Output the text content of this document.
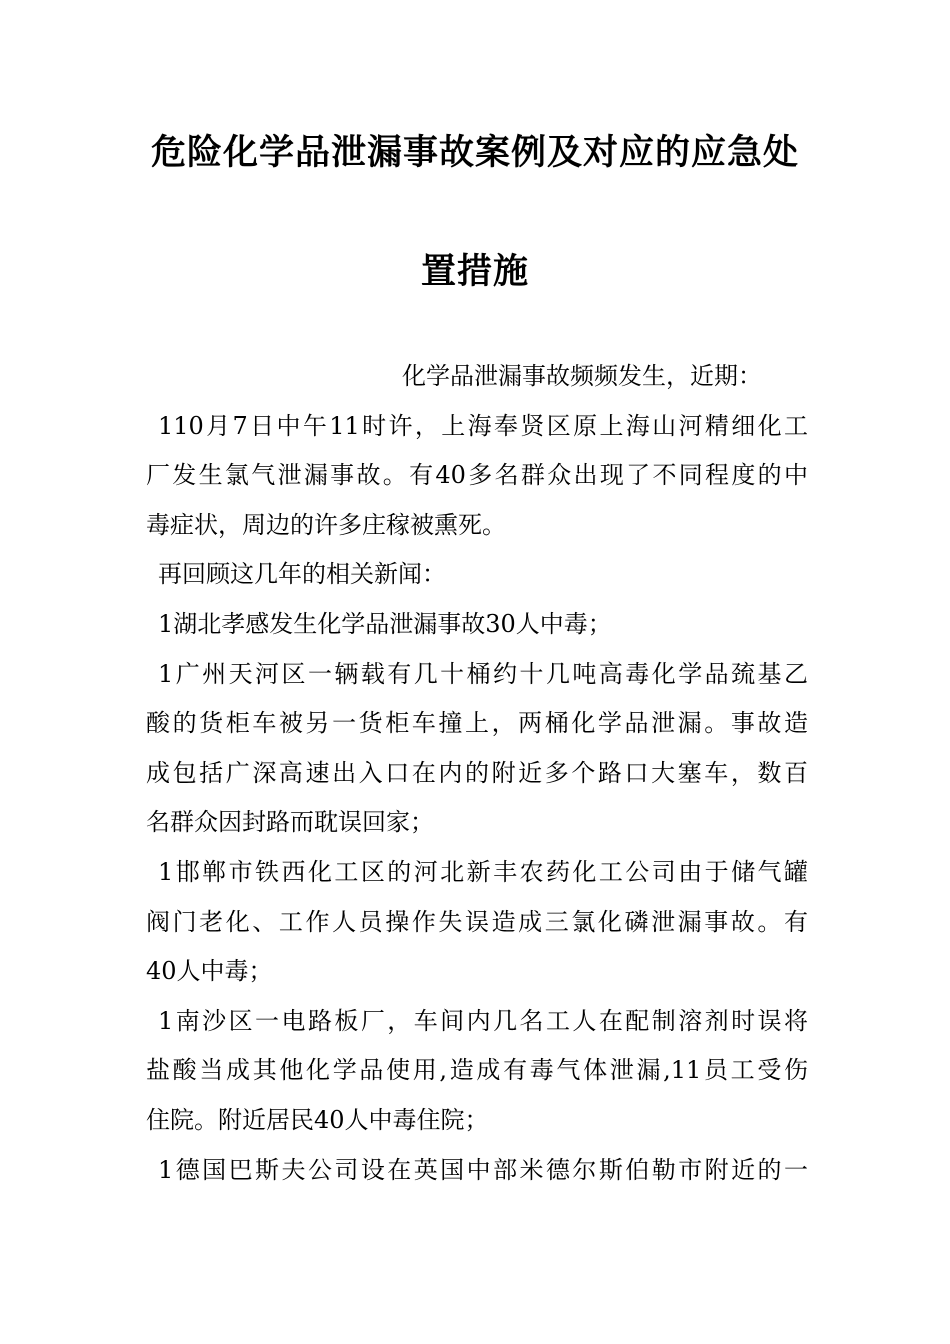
危险化学品泄漏事故案例及对应的应急处
置措施
化学品泄漏事故频频发生，近期：
110月7日中午11时许，上海奉贤区原上海山河精细化工
厂发生氯气泄漏事故。有40多名群众出现了不同程度的中
毒症状，周边的许多庄稼被熏死。
再回顾这几年的相关新闻：
1湖北孝感发生化学品泄漏事故30人中毒；
1广州天河区一辆载有几十桶约十几吨高毒化学品巯基乙
酸的货柜车被另一货柜车撞上，两桶化学品泄漏。事故造
成包括广深高速出入口在内的附近多个路口大塞车，数百
名群众因封路而耽误回家；
1邯郸市铁西化工区的河北新丰农药化工公司由于储气罐
阀门老化、工作人员操作失误造成三氯化磷泄漏事故。有
40人中毒；
1南沙区一电路板厂，车间内几名工人在配制溶剂时误将
盐酸当成其他化学品使用,造成有毒气体泄漏,11员工受伤
住院。附近居民40人中毒住院；
1德国巴斯夫公司设在英国中部米德尔斯伯勒市附近的一
